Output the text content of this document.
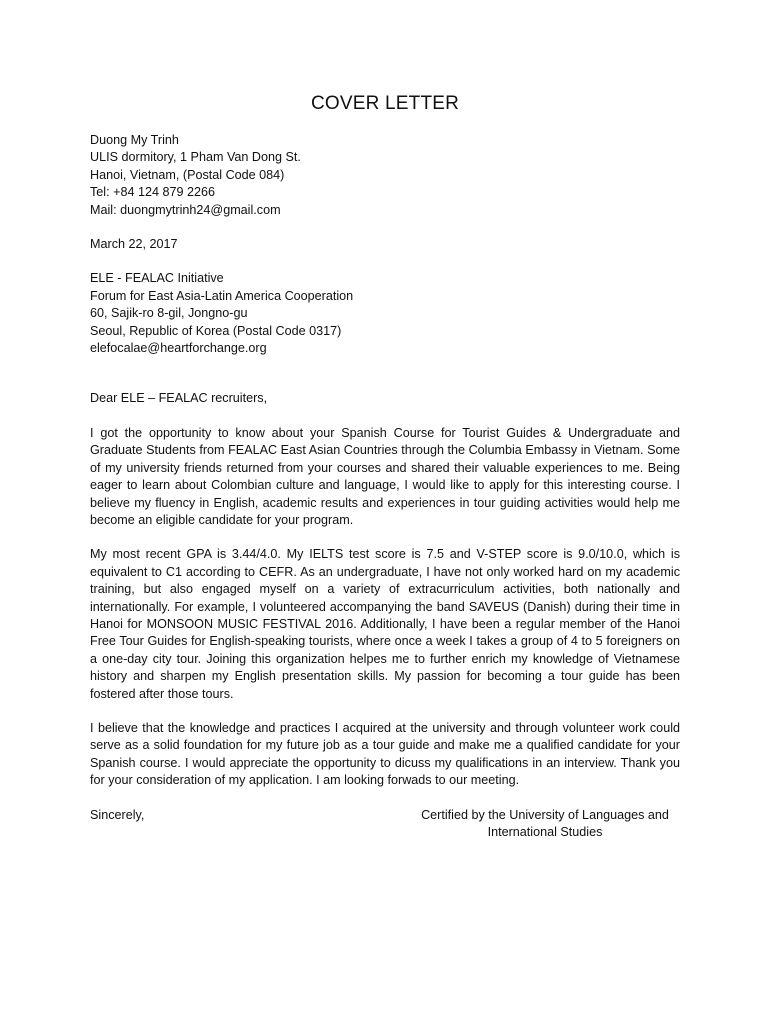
COVER LETTER
Duong My Trinh
ULIS dormitory, 1 Pham Van Dong St.
Hanoi, Vietnam, (Postal Code 084)
Tel: +84 124 879 2266
Mail: duongmytrinh24@gmail.com
March 22, 2017
ELE - FEALAC Initiative
Forum for East Asia-Latin America Cooperation
60, Sajik-ro 8-gil, Jongno-gu
Seoul, Republic of Korea (Postal Code 0317)
elefocalae@heartforchange.org
Dear ELE – FEALAC recruiters,

I got the opportunity to know about your Spanish Course for Tourist Guides & Undergraduate and Graduate Students from FEALAC East Asian Countries through the Columbia Embassy in Vietnam. Some of my university friends returned from your courses and shared their valuable experiences to me. Being eager to learn about Colombian culture and language, I would like to apply for this interesting course. I believe my fluency in English, academic results and experiences in tour guiding activities would help me become an eligible candidate for your program.

My most recent GPA is 3.44/4.0. My IELTS test score is 7.5 and V-STEP score is 9.0/10.0, which is equivalent to C1 according to CEFR. As an undergraduate, I have not only worked hard on my academic training, but also engaged myself on a variety of extracurriculum activities, both nationally and internationally. For example, I volunteered accompanying the band SAVEUS (Danish) during their time in Hanoi for MONSOON MUSIC FESTIVAL 2016. Additionally, I have been a regular member of the Hanoi Free Tour Guides for English-speaking tourists, where once a week I takes a group of 4 to 5 foreigners on a one-day city tour. Joining this organization helpes me to further enrich my knowledge of Vietnamese history and sharpen my English presentation skills. My passion for becoming a tour guide has been fostered after those tours.

I believe that the knowledge and practices I acquired at the university and through volunteer work could serve as a solid foundation for my future job as a tour guide and make me a qualified candidate for your Spanish course. I would appreciate the opportunity to dicuss my qualifications in an interview. Thank you for your consideration of my application. I am looking forwads to our meeting.

Sincerely,	Certified by the University of Languages and
International Studies
